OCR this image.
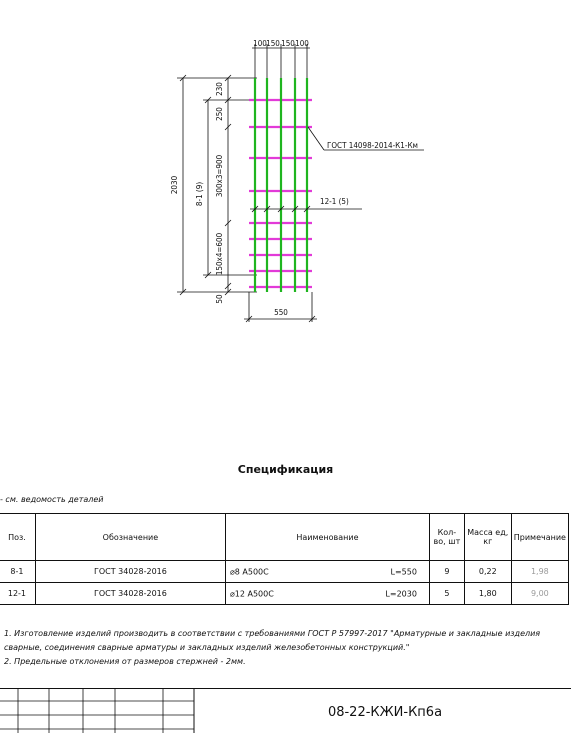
2030 8-1 (9)
230
250
300x3=900
150x4=600
50
100 150 150 100
ГОСТ 14098-2014-К1-Км
12-1 (5)
550
Спецификация
- см. ведомость деталей
Поз.	Обозначение	Наименование	Кол-во, шт	Масса ед, кг	Примечание
8-1	ГОСТ 34028-2016	⌀8 А500С L=550	9	0,22	1,98
12-1	ГОСТ 34028-2016	⌀12 А500С L=2030	5	1,80	9,00
1. Изготовление изделий производить в соответствии с требованиями ГОСТ Р 57997-2017 "Арматурные и закладные изделия
сварные, соединения сварные арматуры и закладных изделий железобетонных конструкций."
2. Предельные отклонения от размеров стержней - 2мм.
08-22-КЖИ-Кп6а
